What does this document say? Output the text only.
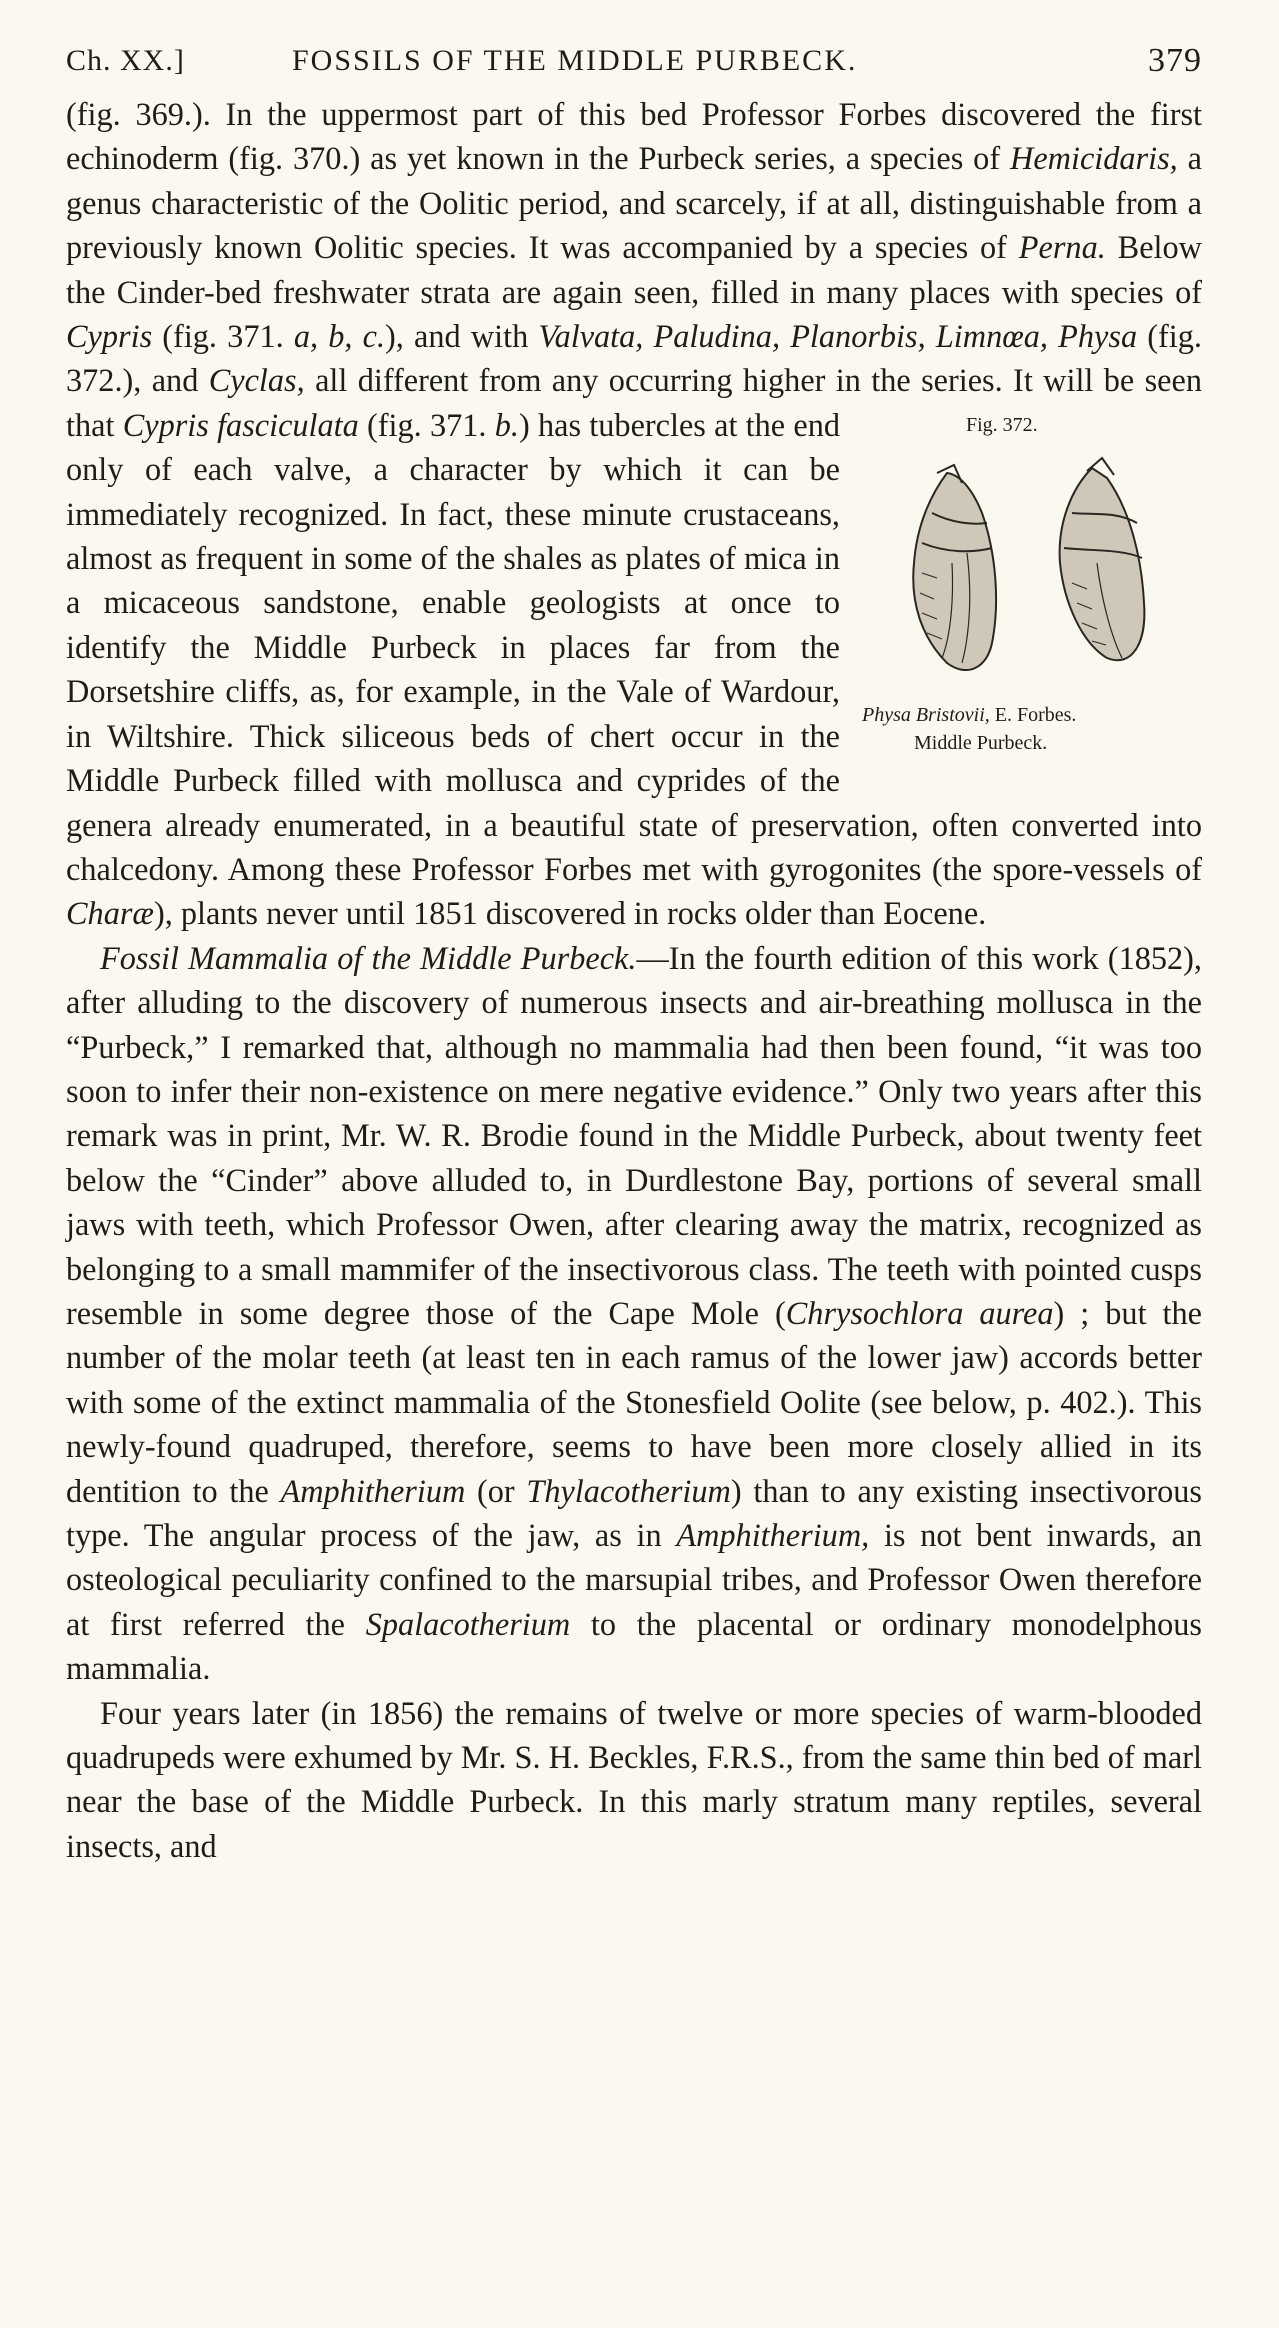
Ch. XX.]	FOSSILS OF THE MIDDLE PURBECK.	379

(fig. 369.). In the uppermost part of this bed Professor Forbes discovered the first echinoderm (fig. 370.) as yet known in the Purbeck series, a species of Hemicidaris, a genus characteristic of the Oolitic period, and scarcely, if at all, distinguishable from a previously known Oolitic species. It was accompanied by a species of Perna. Below the Cinder-bed freshwater strata are again seen, filled in many places with species of Cypris (fig. 371. a, b, c.), and with Valvata, Paludina, Planorbis, Limnœa, Physa (fig. 372.), and Cyclas, all different from any occurring higher in the series. It will be seen that	Fig. 372.
Physa Bristovii, E. Forbes.
Middle Purbeck.
Cypris fasciculata (fig. 371. b.) has tubercles at the end only of each valve, a character by which it can be immediately recognized. In fact, these minute crustaceans, almost as frequent in some of the shales as plates of mica in a micaceous sandstone, enable geologists at once to identify the Middle Purbeck in places far from the Dorsetshire cliffs, as, for example, in the Vale of Wardour, in Wiltshire. Thick siliceous beds of chert occur in the Middle Purbeck filled with mollusca and cyprides of the genera already enumerated, in a beautiful state of preservation, often converted into chalcedony. Among these Professor Forbes met with gyrogonites (the spore-vessels of Charæ), plants never until 1851 discovered in rocks older than Eocene.

Fossil Mammalia of the Middle Purbeck.—In the fourth edition of this work (1852), after alluding to the discovery of numerous insects and air-breathing mollusca in the “Purbeck,” I remarked that, although no mammalia had then been found, “it was too soon to infer their non-existence on mere negative evidence.” Only two years after this remark was in print, Mr. W. R. Brodie found in the Middle Purbeck, about twenty feet below the “Cinder” above alluded to, in Durdlestone Bay, portions of several small jaws with teeth, which Professor Owen, after clearing away the matrix, recognized as belonging to a small mammifer of the insectivorous class. The teeth with pointed cusps resemble in some degree those of the Cape Mole (Chrysochlora aurea) ; but the number of the molar teeth (at least ten in each ramus of the lower jaw) accords better with some of the extinct mammalia of the Stonesfield Oolite (see below, p. 402.). This newly-found quadruped, therefore, seems to have been more closely allied in its dentition to the Amphitherium (or Thylacotherium) than to any existing insectivorous type. The angular process of the jaw, as in Amphitherium, is not bent inwards, an osteological peculiarity confined to the marsupial tribes, and Professor Owen therefore at first referred the Spalacotherium to the placental or ordinary monodelphous mammalia.

Four years later (in 1856) the remains of twelve or more species of warm-blooded quadrupeds were exhumed by Mr. S. H. Beckles, F.R.S., from the same thin bed of marl near the base of the Middle Purbeck. In this marly stratum many reptiles, several insects, and
